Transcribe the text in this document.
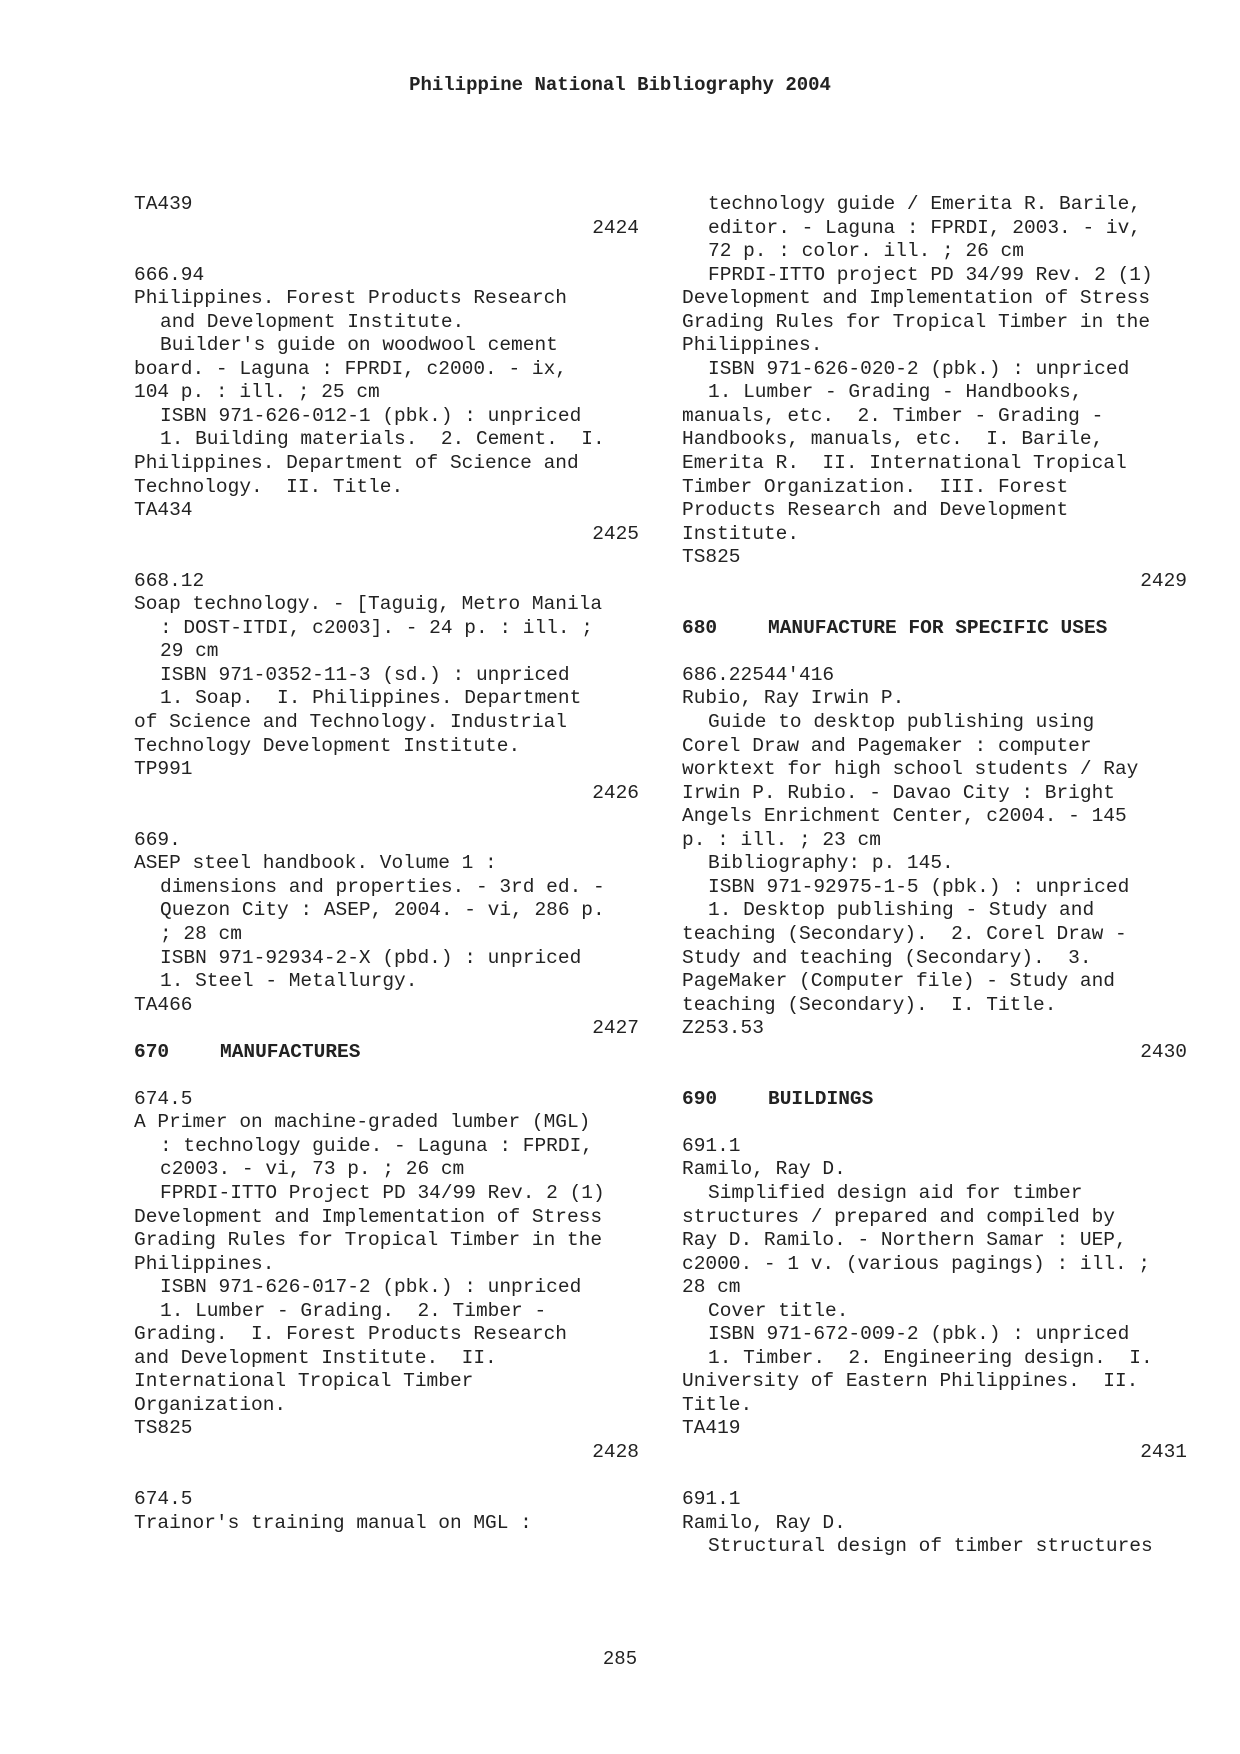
Philippine National Bibliography 2004
TA439
2424
666.94
Philippines. Forest Products Research
and Development Institute.
Builder's guide on woodwool cement
board. - Laguna : FPRDI, c2000. - ix,
104 p. : ill. ; 25 cm
ISBN 971-626-012-1 (pbk.) : unpriced
1. Building materials.  2. Cement.  I.
Philippines. Department of Science and
Technology.  II. Title.
TA434
2425
668.12
Soap technology. - [Taguig, Metro Manila
: DOST-ITDI, c2003]. - 24 p. : ill. ;
29 cm
ISBN 971-0352-11-3 (sd.) : unpriced
1. Soap.  I. Philippines. Department
of Science and Technology. Industrial
Technology Development Institute.
TP991
2426
669.
ASEP steel handbook. Volume 1 :
dimensions and properties. - 3rd ed. -
Quezon City : ASEP, 2004. - vi, 286 p.
; 28 cm
ISBN 971-92934-2-X (pbd.) : unpriced
1. Steel - Metallurgy.
TA466
2427
670	MANUFACTURES
674.5
A Primer on machine-graded lumber (MGL)
: technology guide. - Laguna : FPRDI,
c2003. - vi, 73 p. ; 26 cm
FPRDI-ITTO Project PD 34/99 Rev. 2 (1)
Development and Implementation of Stress
Grading Rules for Tropical Timber in the
Philippines.
ISBN 971-626-017-2 (pbk.) : unpriced
1. Lumber - Grading.  2. Timber -
Grading.  I. Forest Products Research
and Development Institute.  II.
International Tropical Timber
Organization.
TS825
2428
674.5
Trainor's training manual on MGL :
technology guide / Emerita R. Barile,
editor. - Laguna : FPRDI, 2003. - iv,
72 p. : color. ill. ; 26 cm
FPRDI-ITTO project PD 34/99 Rev. 2 (1)
Development and Implementation of Stress
Grading Rules for Tropical Timber in the
Philippines.
ISBN 971-626-020-2 (pbk.) : unpriced
1. Lumber - Grading - Handbooks,
manuals, etc.  2. Timber - Grading -
Handbooks, manuals, etc.  I. Barile,
Emerita R.  II. International Tropical
Timber Organization.  III. Forest
Products Research and Development
Institute.
TS825
2429
680	MANUFACTURE FOR SPECIFIC USES
686.22544'416
Rubio, Ray Irwin P.
Guide to desktop publishing using
Corel Draw and Pagemaker : computer
worktext for high school students / Ray
Irwin P. Rubio. - Davao City : Bright
Angels Enrichment Center, c2004. - 145
p. : ill. ; 23 cm
Bibliography: p. 145.
ISBN 971-92975-1-5 (pbk.) : unpriced
1. Desktop publishing - Study and
teaching (Secondary).  2. Corel Draw -
Study and teaching (Secondary).  3.
PageMaker (Computer file) - Study and
teaching (Secondary).  I. Title.
Z253.53
2430
690	BUILDINGS
691.1
Ramilo, Ray D.
Simplified design aid for timber
structures / prepared and compiled by
Ray D. Ramilo. - Northern Samar : UEP,
c2000. - 1 v. (various pagings) : ill. ;
28 cm
Cover title.
ISBN 971-672-009-2 (pbk.) : unpriced
1. Timber.  2. Engineering design.  I.
University of Eastern Philippines.  II.
Title.
TA419
2431
691.1
Ramilo, Ray D.
Structural design of timber structures
285
